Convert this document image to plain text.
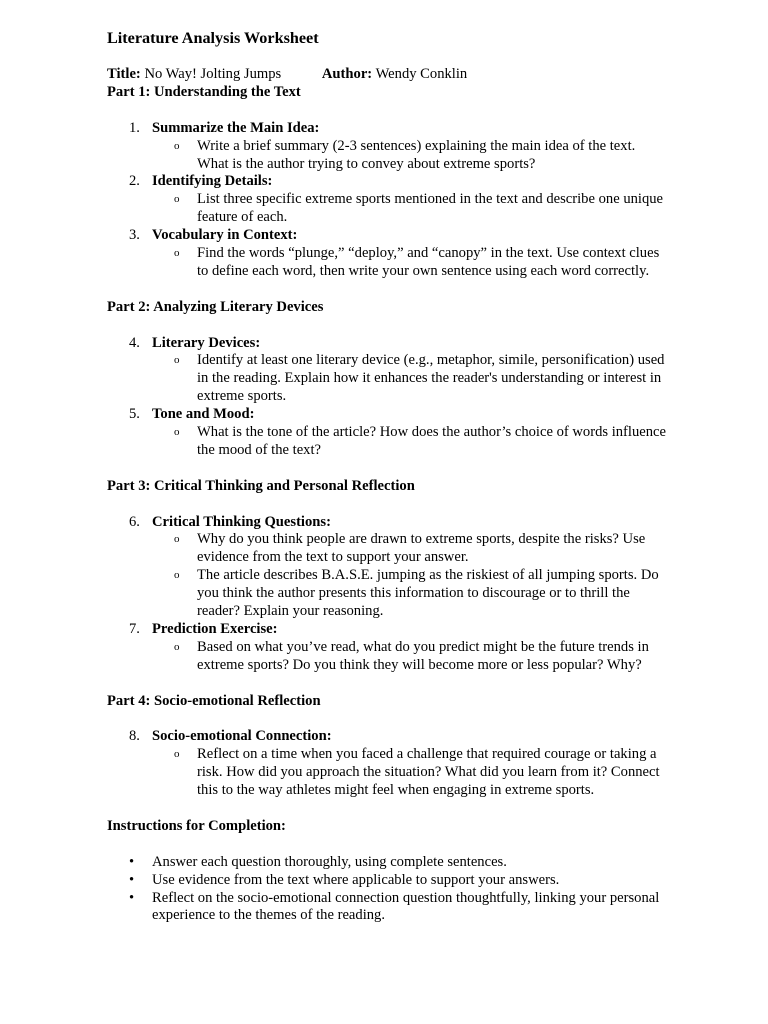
Literature Analysis Worksheet
Title: No Way! Jolting Jumps	Author: Wendy Conklin
Part 1: Understanding the Text
1. Summarize the Main Idea:
o Write a brief summary (2-3 sentences) explaining the main idea of the text. What is the author trying to convey about extreme sports?
2. Identifying Details:
o List three specific extreme sports mentioned in the text and describe one unique feature of each.
3. Vocabulary in Context:
o Find the words “plunge,” “deploy,” and “canopy” in the text. Use context clues to define each word, then write your own sentence using each word correctly.
Part 2: Analyzing Literary Devices
4. Literary Devices:
o Identify at least one literary device (e.g., metaphor, simile, personification) used in the reading. Explain how it enhances the reader's understanding or interest in extreme sports.
5. Tone and Mood:
o What is the tone of the article? How does the author’s choice of words influence the mood of the text?
Part 3: Critical Thinking and Personal Reflection
6. Critical Thinking Questions:
o Why do you think people are drawn to extreme sports, despite the risks? Use evidence from the text to support your answer.
o The article describes B.A.S.E. jumping as the riskiest of all jumping sports. Do you think the author presents this information to discourage or to thrill the reader? Explain your reasoning.
7. Prediction Exercise:
o Based on what you’ve read, what do you predict might be the future trends in extreme sports? Do you think they will become more or less popular? Why?
Part 4: Socio-emotional Reflection
8. Socio-emotional Connection:
o Reflect on a time when you faced a challenge that required courage or taking a risk. How did you approach the situation? What did you learn from it? Connect this to the way athletes might feel when engaging in extreme sports.
Instructions for Completion:
• Answer each question thoroughly, using complete sentences.
• Use evidence from the text where applicable to support your answers.
• Reflect on the socio-emotional connection question thoughtfully, linking your personal experience to the themes of the reading.
